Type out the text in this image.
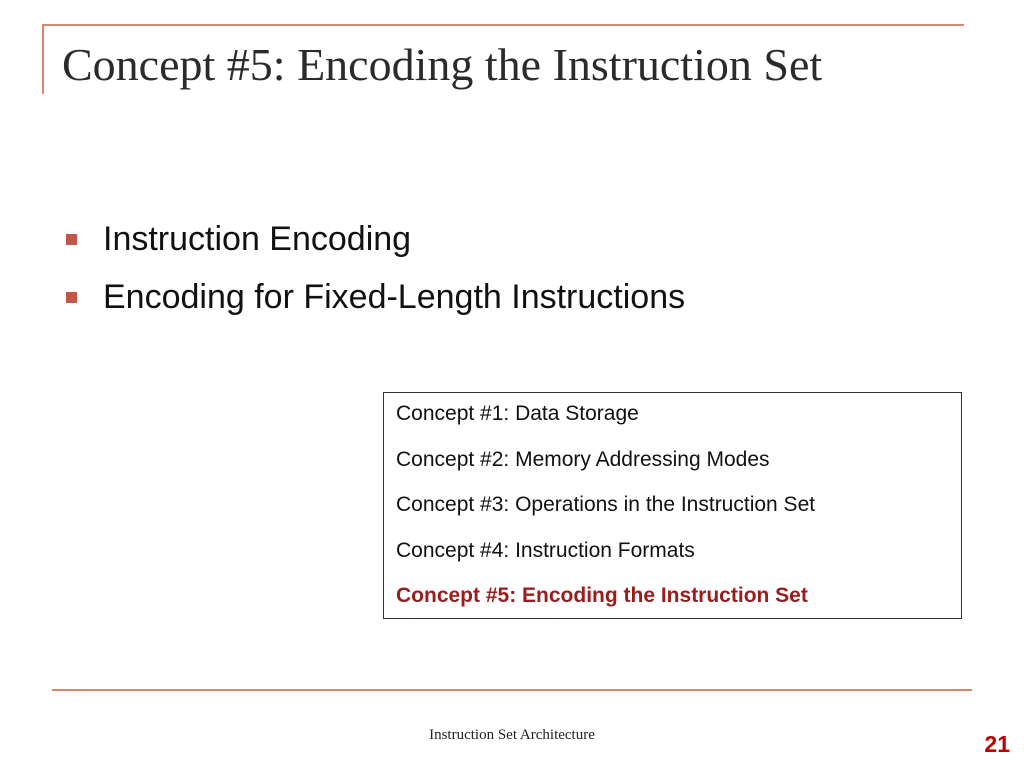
Concept #5: Encoding the Instruction Set
Instruction Encoding
Encoding for Fixed-Length Instructions
Concept #1: Data Storage
Concept #2: Memory Addressing Modes
Concept #3: Operations in the Instruction Set
Concept #4: Instruction Formats
Concept #5: Encoding the Instruction Set
Instruction Set Architecture	21
